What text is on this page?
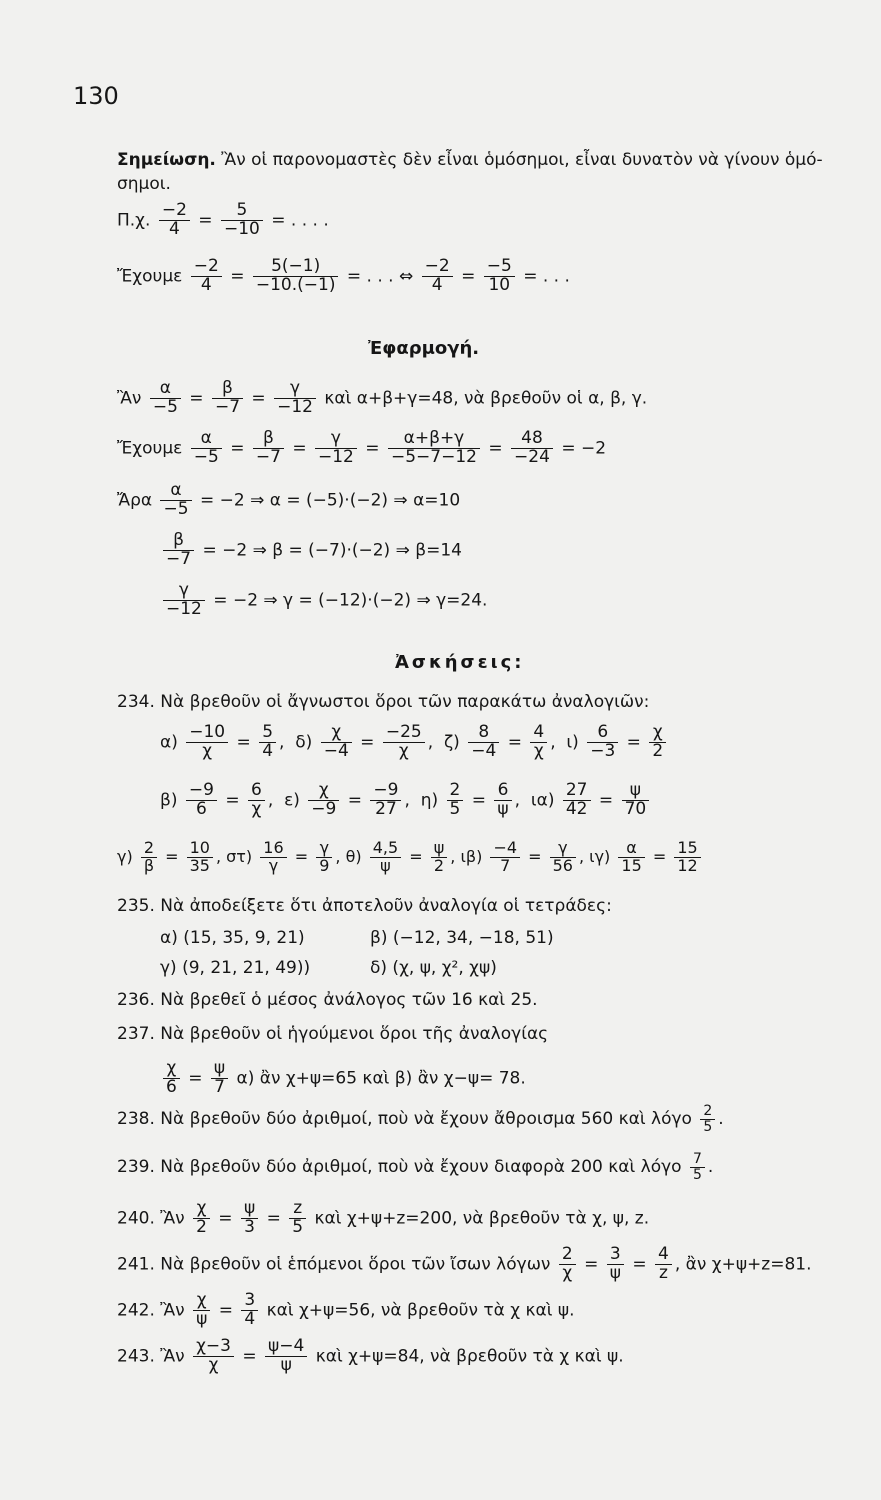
130
Σημείωση. Ἂν οἱ παρονομαστὲς δὲν εἶναι ὁμόσημοι, εἶναι δυνατὸν νὰ γίνουν ὁμό-
σημοι.
Π.χ. $\frac{-2}{4} = \frac{5}{-10}$ = . . . .
Ἔχουμε $\frac{-2}{4} = \frac{5(-1)}{-10.(-1)}$ = . . . ⇔ $\frac{-2}{4} = \frac{-5}{10}$ = . . .
Ἐφαρμογή.
Ἂν $\frac{\alpha}{-5} = \frac{\beta}{-7} = \frac{\gamma}{-12}$ καὶ α+β+γ=48, νὰ βρεθοῦν οἱ α, β, γ.
Ἔχουμε $\frac{\alpha}{-5} = \frac{\beta}{-7} = \frac{\gamma}{-12} = \frac{\alpha+\beta+\gamma}{-5-7-12} = \frac{48}{-24} = -2$
Ἄρα $\frac{\alpha}{-5} = -2$ ⇒ α = (−5)·(−2) ⇒ α=10
$\frac{\beta}{-7} = -2$ ⇒ β = (−7)·(−2) ⇒ β=14
$\frac{\gamma}{-12} = -2$ ⇒ γ = (−12)·(−2) ⇒ γ=24.
Ἀσκήσεις:
234. Νὰ βρεθοῦν οἱ ἄγνωστοι ὅροι τῶν παρακάτω ἀναλογιῶν:
$\alpha) \frac{-10}{\chi} = \frac{5}{4}$ , $\delta) \frac{\chi}{-4} = \frac{-25}{\chi}$ , $\zeta) \frac{8}{-4} = \frac{4}{\chi}$ , $\iota) \frac{6}{-3} = \frac{\chi}{2}$
$\beta) \frac{-9}{6} = \frac{6}{\chi}$ , $\varepsilon) \frac{\chi}{-9} = \frac{-9}{27}$ , $\eta) \frac{2}{5} = \frac{6}{\psi}$ , $\iota\alpha) \frac{27}{42} = \frac{\psi}{70}$
$\gamma) \frac{2}{\beta} = \frac{10}{35}$ , $\sigma\tau) \frac{16}{\gamma} = \frac{\gamma}{9}$ , $\theta) \frac{4,5}{\psi} = \frac{\psi}{2}$ , $\iota\beta) \frac{-4}{7} = \frac{\gamma}{56}$ , $\iota\gamma) \frac{\alpha}{15} = \frac{15}{12}$
235. Νὰ ἀποδείξετε ὅτι ἀποτελοῦν ἀναλογία οἱ τετράδες:
α) (15, 35, 9, 21)	β) (−12, 34, −18, 51)
γ) (9, 21, 21, 49))	δ) (χ, ψ, χ², χψ)
236. Νὰ βρεθεῖ ὁ μέσος ἀνάλογος τῶν 16 καὶ 25.
237. Νὰ βρεθοῦν οἱ ἡγούμενοι ὅροι τῆς ἀναλογίας
$\frac{\chi}{6} = \frac{\psi}{7} \alpha$) ἂν χ+ψ=65 καὶ β) ἂν χ−ψ= 78.
238. Νὰ βρεθοῦν δύο ἀριθμοί, ποὺ νὰ ἔχουν ἄθροισμα 560 καὶ λόγο $\frac{2}{5}$ .
239. Νὰ βρεθοῦν δύο ἀριθμοί, ποὺ νὰ ἔχουν διαφορὰ 200 καὶ λόγο $\frac{7}{5}$ .
240. Ἂν $\frac{\chi}{2} = \frac{\psi}{3} = \frac{z}{5}$ καὶ χ+ψ+z=200, νὰ βρεθοῦν τὰ χ, ψ, z.
241. Νὰ βρεθοῦν οἱ ἑπόμενοι ὅροι τῶν ἴσων λόγων $\frac{2}{\chi} = \frac{3}{\psi} = \frac{4}{z}$ , ἂν χ+ψ+z=81.
242. Ἂν $\frac{\chi}{\psi} = \frac{3}{4}$ καὶ χ+ψ=56, νὰ βρεθοῦν τὰ χ καὶ ψ.
243. Ἂν $\frac{\chi-3}{\chi} = \frac{\psi-4}{\psi}$ καὶ χ+ψ=84, νὰ βρεθοῦν τὰ χ καὶ ψ.
